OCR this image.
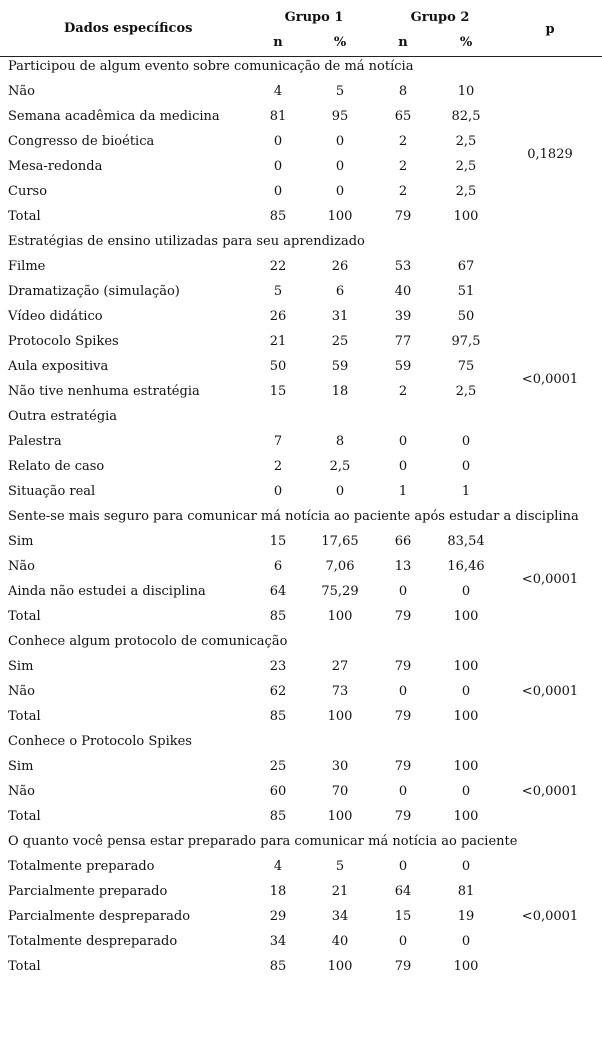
Dados específicos
Grupo 1	Grupo 2
n	%	n	%
p
Participou de algum evento sobre comunicação de má notícia
Não	4	5	8	10
Semana acadêmica da medicina	81	95	65	82,5
Congresso de bioética	0	0	2	2,5
Mesa-redonda	0	0	2	2,5
Curso	0	0	2	2,5
Total	85	100	79	100
0,1829
Estratégias de ensino utilizadas para seu aprendizado
Filme	22	26	53	67
Dramatização (simulação)	5	6	40	51
Vídeo didático	26	31	39	50
Protocolo Spikes	21	25	77	97,5
Aula expositiva	50	59	59	75
Não tive nenhuma estratégia	15	18	2	2,5
Outra estratégia
Palestra	7	8	0	0
Relato de caso	2	2,5	0	0
Situação real	0	0	1	1
<0,0001
Sente-se mais seguro para comunicar má notícia ao paciente após estudar a disciplina
Sim	15	17,65	66	83,54
Não	6	7,06	13	16,46
Ainda não estudei a disciplina	64	75,29	0	0
Total	85	100	79	100
<0,0001
Conhece algum protocolo de comunicação
Sim	23	27	79	100
Não	62	73	0	0
Total	85	100	79	100
<0,0001
Conhece o Protocolo Spikes
Sim	25	30	79	100
Não	60	70	0	0
Total	85	100	79	100
<0,0001
O quanto você pensa estar preparado para comunicar má notícia ao paciente
Totalmente preparado	4	5	0	0
Parcialmente preparado	18	21	64	81
Parcialmente despreparado	29	34	15	19
Totalmente despreparado	34	40	0	0
Total	85	100	79	100
<0,0001
